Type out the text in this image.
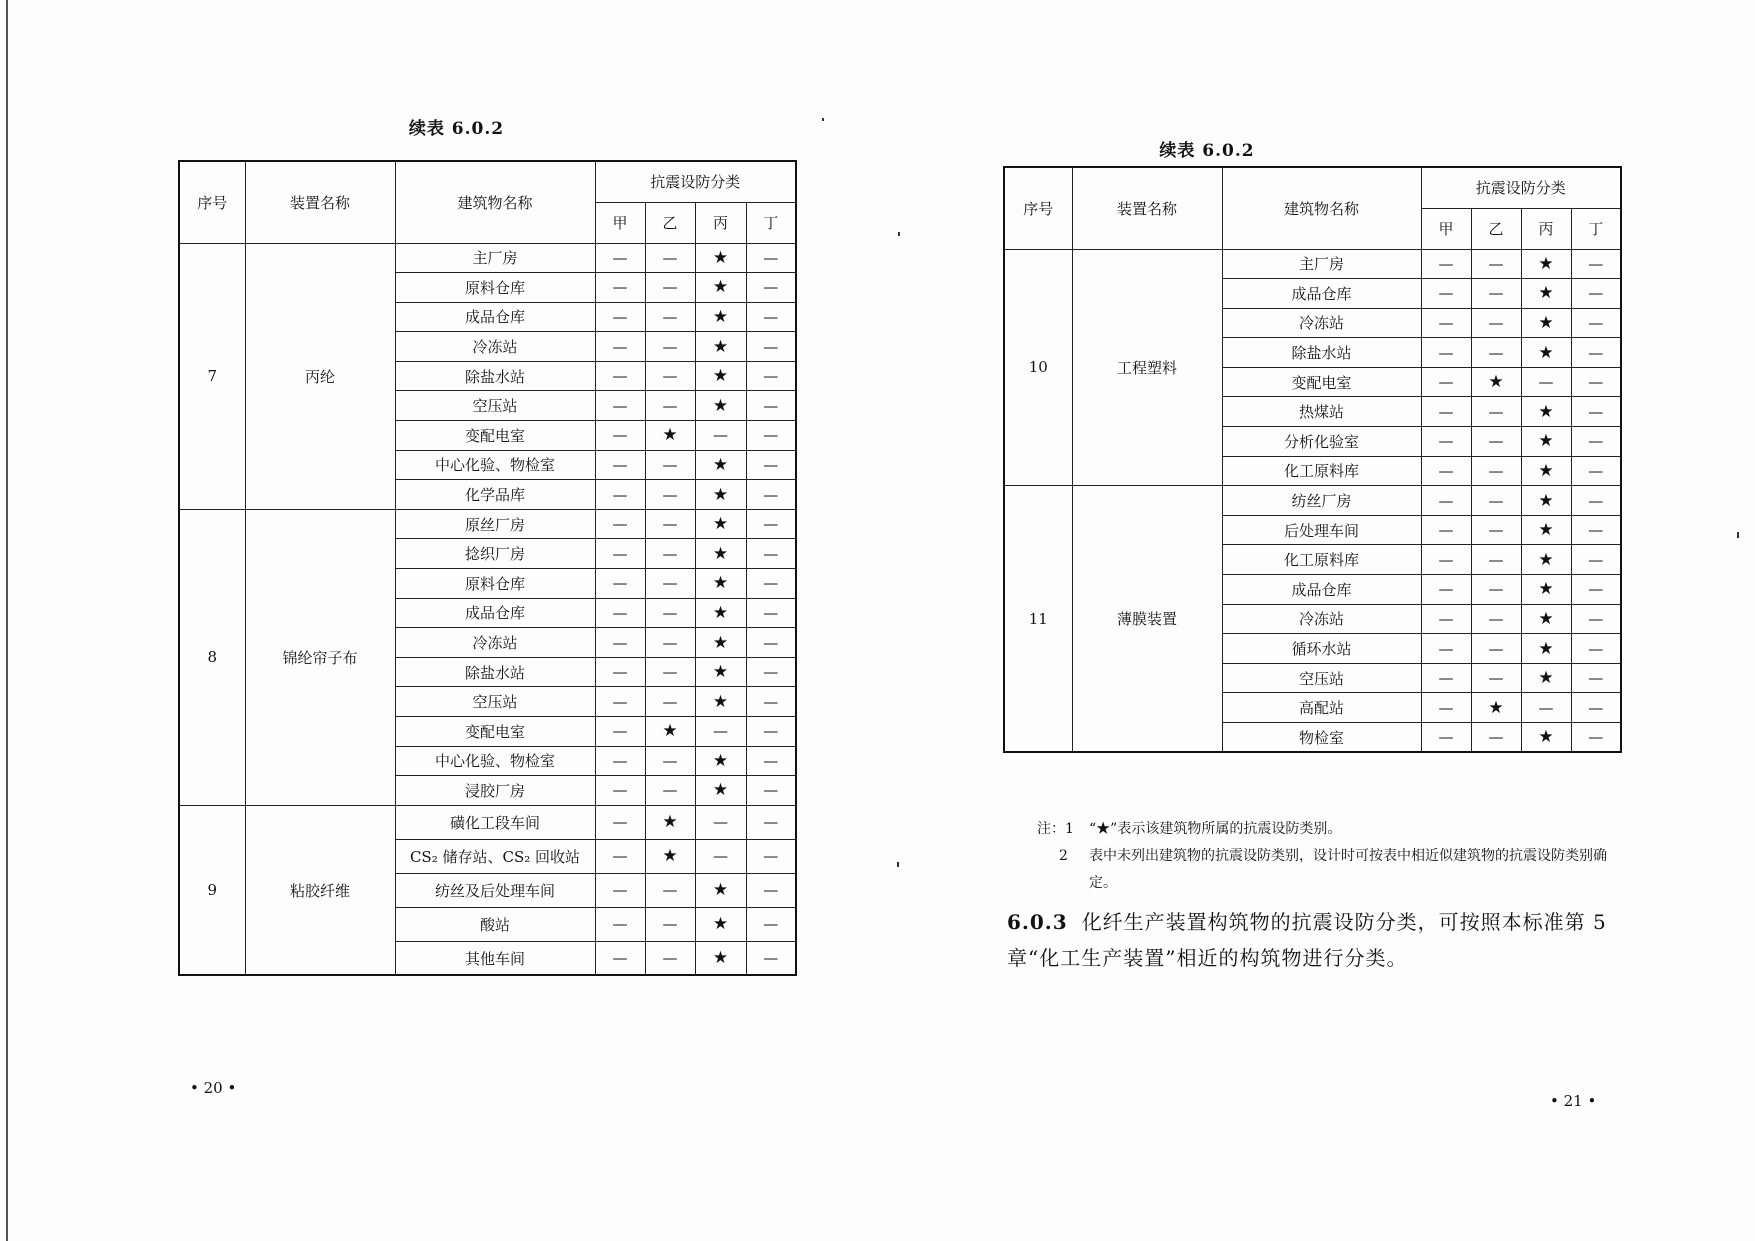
续表 6.0.2
序号	装置名称	建筑物名称	抗震设防分类			
			甲	乙	丙	丁
7	丙纶	主厂房	—	—	★	—
		原料仓库	—	—	★	—
		成品仓库	—	—	★	—
		冷冻站	—	—	★	—
		除盐水站	—	—	★	—
		空压站	—	—	★	—
		变配电室	—	★	—	—
		中心化验、物检室	—	—	★	—
		化学品库	—	—	★	—
8	锦纶帘子布	原丝厂房	—	—	★	—
		捻织厂房	—	—	★	—
		原料仓库	—	—	★	—
		成品仓库	—	—	★	—
		冷冻站	—	—	★	—
		除盐水站	—	—	★	—
		空压站	—	—	★	—
		变配电室	—	★	—	—
		中心化验、物检室	—	—	★	—
		浸胶厂房	—	—	★	—
9	粘胶纤维	磺化工段车间	—	★	—	—
		CS₂ 储存站、CS₂ 回收站	—	★	—	—
		纺丝及后处理车间	—	—	★	—
		酸站	—	—	★	—
		其他车间	—	—	★	—
• 20 •
续表 6.0.2
序号	装置名称	建筑物名称	抗震设防分类			
			甲	乙	丙	丁
10	工程塑料	主厂房	—	—	★	—
		成品仓库	—	—	★	—
		冷冻站	—	—	★	—
		除盐水站	—	—	★	—
		变配电室	—	★	—	—
		热煤站	—	—	★	—
		分析化验室	—	—	★	—
		化工原料库	—	—	★	—
11	薄膜装置	纺丝厂房	—	—	★	—
		后处理车间	—	—	★	—
		化工原料库	—	—	★	—
		成品仓库	—	—	★	—
		冷冻站	—	—	★	—
		循环水站	—	—	★	—
		空压站	—	—	★	—
		高配站	—	★	—	—
		物检室	—	—	★	—
注：1 “★”表示该建筑物所属的抗震设防类别。
2 表中未列出建筑物的抗震设防类别，设计时可按表中相近似建筑物的抗震设防类别确定。
6.0.3 化纤生产装置构筑物的抗震设防分类，可按照本标准第 5 章“化工生产装置”相近的构筑物进行分类。
• 21 •
